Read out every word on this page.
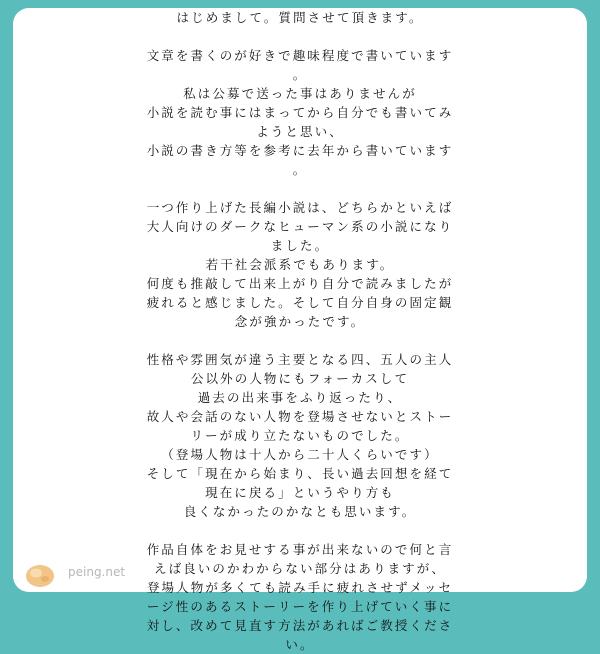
はじめまして。質問させて頂きます。
文章を書くのが好きで趣味程度で書いています
。
私は公募で送った事はありませんが
小説を読む事にはまってから自分でも書いてみ
ようと思い、
小説の書き方等を参考に去年から書いています
。
一つ作り上げた長編小説は、どちらかといえば
大人向けのダークなヒューマン系の小説になり
ました。
若干社会派系でもあります。
何度も推敲して出来上がり自分で読みましたが
疲れると感じました。そして自分自身の固定観
念が強かったです。
性格や雰囲気が違う主要となる四、五人の主人
公以外の人物にもフォーカスして
過去の出来事をふり返ったり、
故人や会話のない人物を登場させないとストー
リーが成り立たないものでした。
（登場人物は十人から二十人くらいです）
そして「現在から始まり、長い過去回想を経て
現在に戻る」というやり方も
良くなかったのかなとも思います。
作品自体をお見せする事が出来ないので何と言
えば良いのかわからない部分はありますが、
登場人物が多くても読み手に疲れさせずメッセ
ージ性のあるストーリーを作り上げていく事に
対し、改めて見直す方法があればご教授くださ
い。
peing.net
